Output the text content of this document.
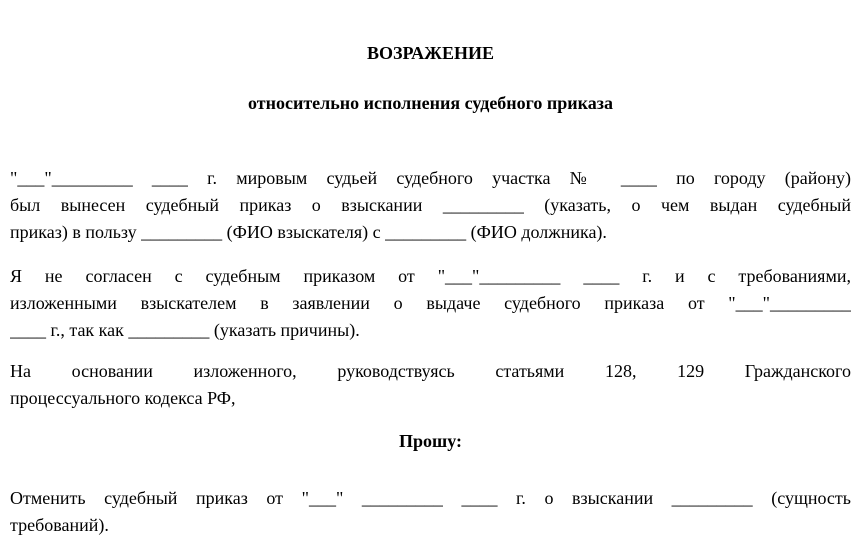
ВОЗРАЖЕНИЕ
относительно исполнения судебного приказа
"___"_________ ____ г. мировым судьей судебного участка № ____ по городу (району)
был вынесен судебный приказ о взыскании _________ (указать, о чем выдан судебный
приказ) в пользу _________ (ФИО взыскателя) с _________ (ФИО должника).
Я не согласен с судебным приказом от "___"_________ ____ г. и с требованиями,
изложенными взыскателем в заявлении о выдаче судебного приказа от "___"_________
____ г., так как _________ (указать причины).
На основании изложенного, руководствуясь статьями 128, 129 Гражданского
процессуального кодекса РФ,
Прошу:
Отменить судебный приказ от "___" _________ ____ г. о взыскании _________ (сущность
требований).
